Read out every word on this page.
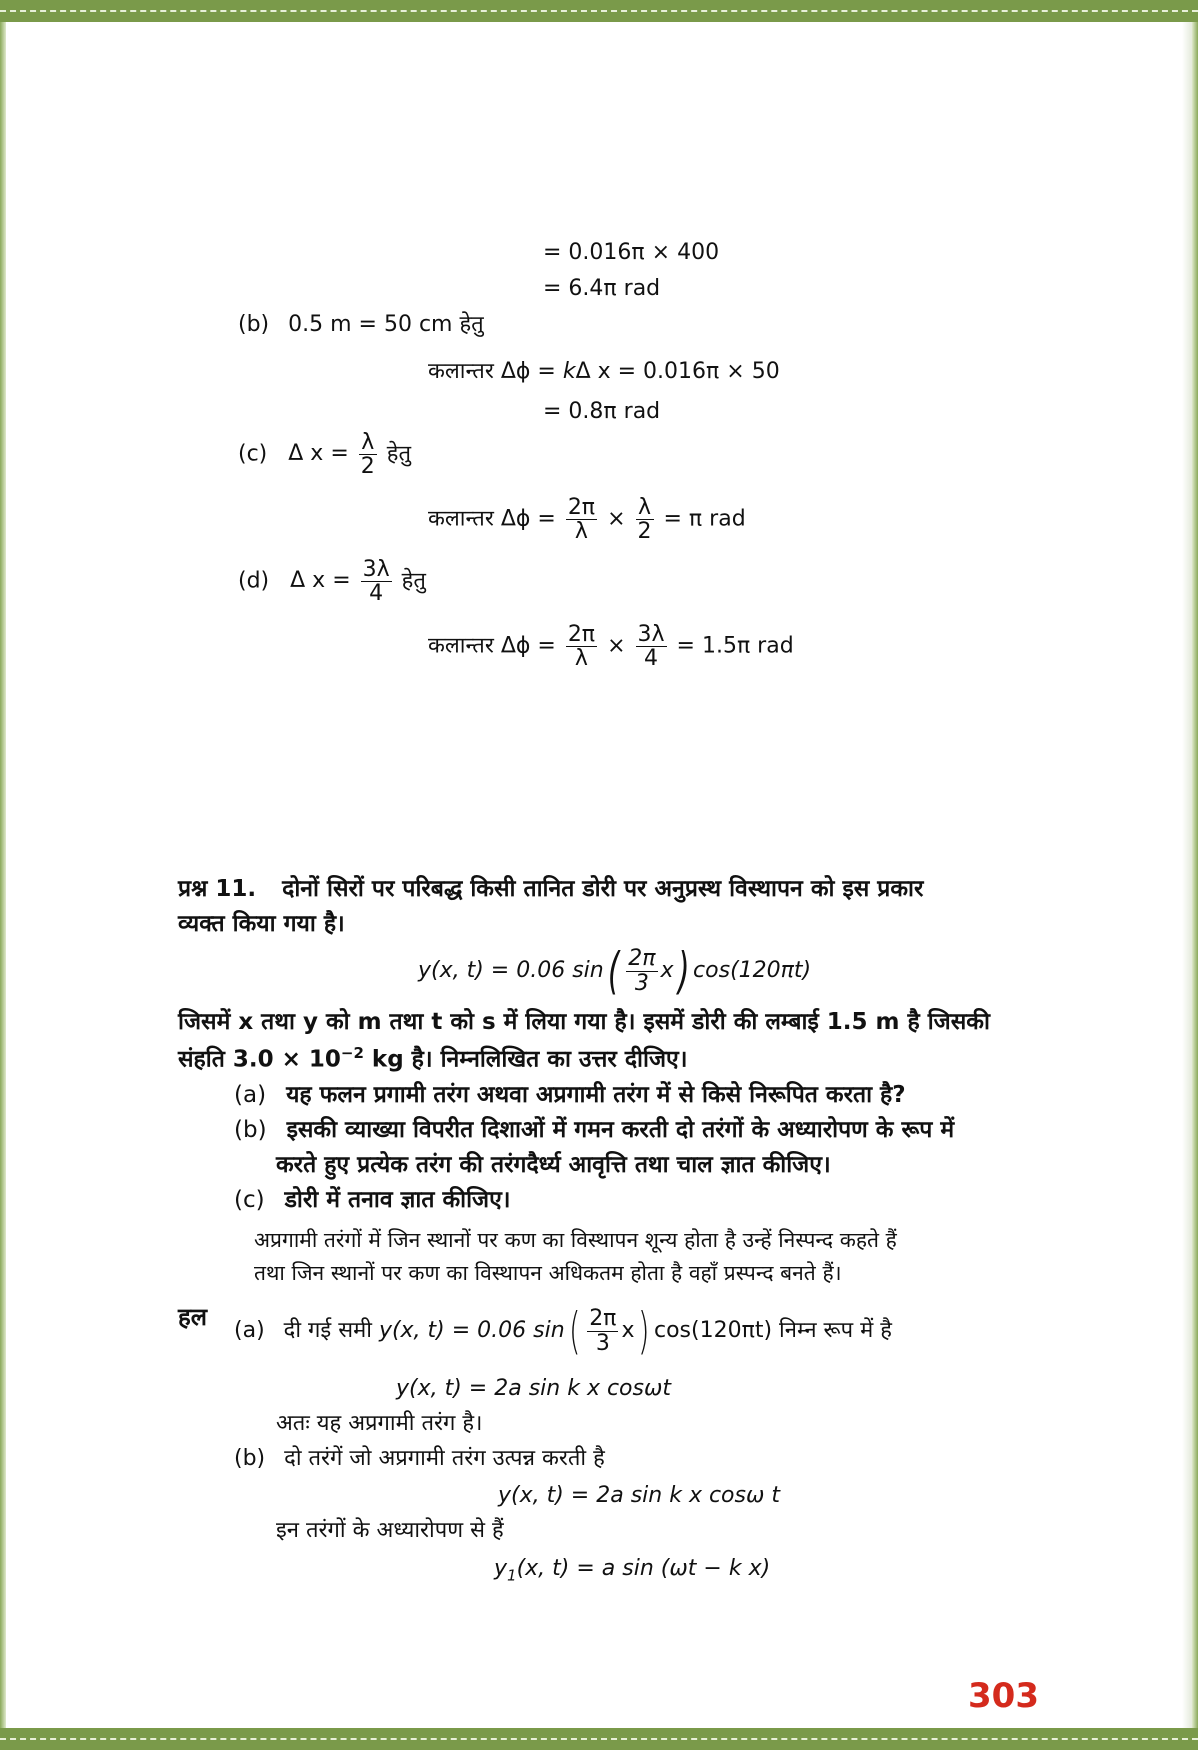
= 0.016π × 400
= 6.4π rad
(b) 0.5 m = 50 cm हेतु
कलान्तर Δϕ = kΔ x = 0.016π × 50
= 0.8π rad
(c) Δ $x = \frac{\lambda}{2}$ हेतु
कलान्तर $\Delta\phi = \frac{2\pi}{\lambda} \times \frac{\lambda}{2} = \pi$ rad
(d) Δ $x = \frac{3\lambda}{4}$ हेतु
कलान्तर $\Delta\phi = \frac{2\pi}{\lambda} \times \frac{3\lambda}{4} = 1.5\pi$ rad
प्रश्न 11. दोनों सिरों पर परिबद्ध किसी तानित डोरी पर अनुप्रस्थ विस्थापन को इस प्रकार
व्यक्त किया गया है।
y(x, t) = 0.06 $\sin( \frac{2\pi}{3} x)$ cos(120πt)
जिसमें x तथा y को m तथा t को s में लिया गया है। इसमें डोरी की लम्बाई 1.5 m है जिसकी
संहति $3.0 \times 10^{-2}$ kg है। निम्नलिखित का उत्तर दीजिए।
(a) यह फलन प्रगामी तरंग अथवा अप्रगामी तरंग में से किसे निरूपित करता है?
(b) इसकी व्याख्या विपरीत दिशाओं में गमन करती दो तरंगों के अध्यारोपण के रूप में
करते हुए प्रत्येक तरंग की तरंगदैर्ध्य आवृत्ति तथा चाल ज्ञात कीजिए।
(c) डोरी में तनाव ज्ञात कीजिए।
अप्रगामी तरंगों में जिन स्थानों पर कण का विस्थापन शून्य होता है उन्हें निस्पन्द कहते हैं
तथा जिन स्थानों पर कण का विस्थापन अधिकतम होता है वहाँ प्रस्पन्द बनते हैं।
हल (a) दी गई समी y(x, t) = 0.06 $\sin( \frac{2\pi}{3} x)$ cos(120πt) निम्न रूप में है
y(x, t) = 2a sin k x cosωt
अतः यह अप्रगामी तरंग है।
(b) दो तरंगें जो अप्रगामी तरंग उत्पन्न करती है
y(x, t) = 2a sin k x cosω t
इन तरंगों के अध्यारोपण से हैं
$y_1(x$, t) = a sin (ωt − k x)
303
